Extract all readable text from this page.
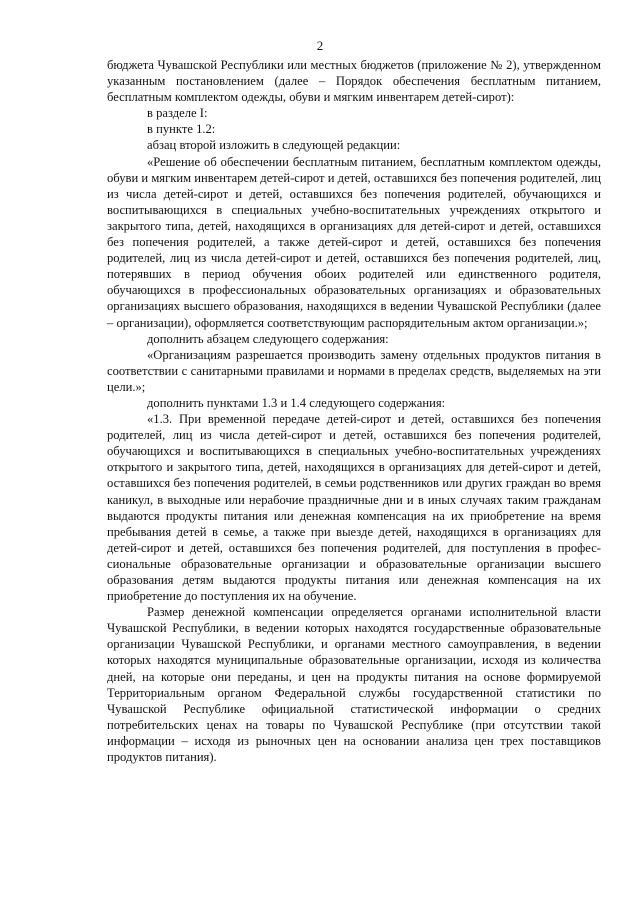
2

бюджета Чувашской Республики или местных бюджетов (приложение № 2), утвержденном указанным постановлением (далее – Порядок обеспечения бесплатным питанием, бесплатным комплектом одежды, обуви и мягким инвентарем детей-сирот):

в разделе I:

в пункте 1.2:

абзац второй изложить в следующей редакции:

«Решение об обеспечении бесплатным питанием, бесплатным комплектом одежды, обуви и мягким инвентарем детей-сирот и детей, оставшихся без попечения родителей, лиц из числа детей-сирот и детей, оставшихся без попечения родителей, обучающихся и воспитывающихся в специальных учебно-воспитательных учреждениях открытого и закрытого типа, детей, находящихся в организациях для детей-сирот и детей, оставшихся без попечения родителей, а также детей-сирот и детей, оставшихся без попечения родителей, лиц из числа детей-сирот и детей, оставшихся без попечения родителей, лиц, потерявших в период обучения обоих родителей или единственного родителя, обучающихся в профессиональных образовательных организациях и образовательных организациях высшего образования, находящихся в ведении Чувашской Республики (далее – организации), оформляется соответствующим распорядительным актом организации.»;

дополнить абзацем следующего содержания:

«Организациям разрешается производить замену отдельных продуктов питания в соответствии с санитарными правилами и нормами в пределах средств, выделяемых на эти цели.»;

дополнить пунктами 1.3 и 1.4 следующего содержания:

«1.3. При временной передаче детей-сирот и детей, оставшихся без попечения родителей, лиц из числа детей-сирот и детей, оставшихся без попечения родителей, обучающихся и воспитывающихся в специальных учебно-воспитательных учреждениях открытого и закрытого типа, детей, находящихся в организациях для детей-сирот и детей, оставшихся без попечения родителей, в семьи родственников или других граждан во время каникул, в выходные или нерабочие праздничные дни и в иных случаях таким гражданам выдаются продукты питания или денежная компенсация на их приобретение на время пребывания детей в семье, а также при выезде детей, находящихся в организациях для детей-сирот и детей, оставшихся без попечения родителей, для поступления в профессиональные образовательные организации и образовательные организации высшего образования детям выдаются продукты питания или денежная компенсация на их приобретение до поступления их на обучение.

Размер денежной компенсации определяется органами исполнительной власти Чувашской Республики, в ведении которых находятся государственные образовательные организации Чувашской Республики, и органами местного самоуправления, в ведении которых находятся муниципальные образовательные организации, исходя из количества дней, на которые они переданы, и цен на продукты питания на основе формируемой Территориальным органом Федеральной службы государственной статистики по Чувашской Республике официальной статистической информации о средних потребительских ценах на товары по Чувашской Республике (при отсутствии такой информации – исходя из рыночных цен на основании анализа цен трех поставщиков продуктов питания).
